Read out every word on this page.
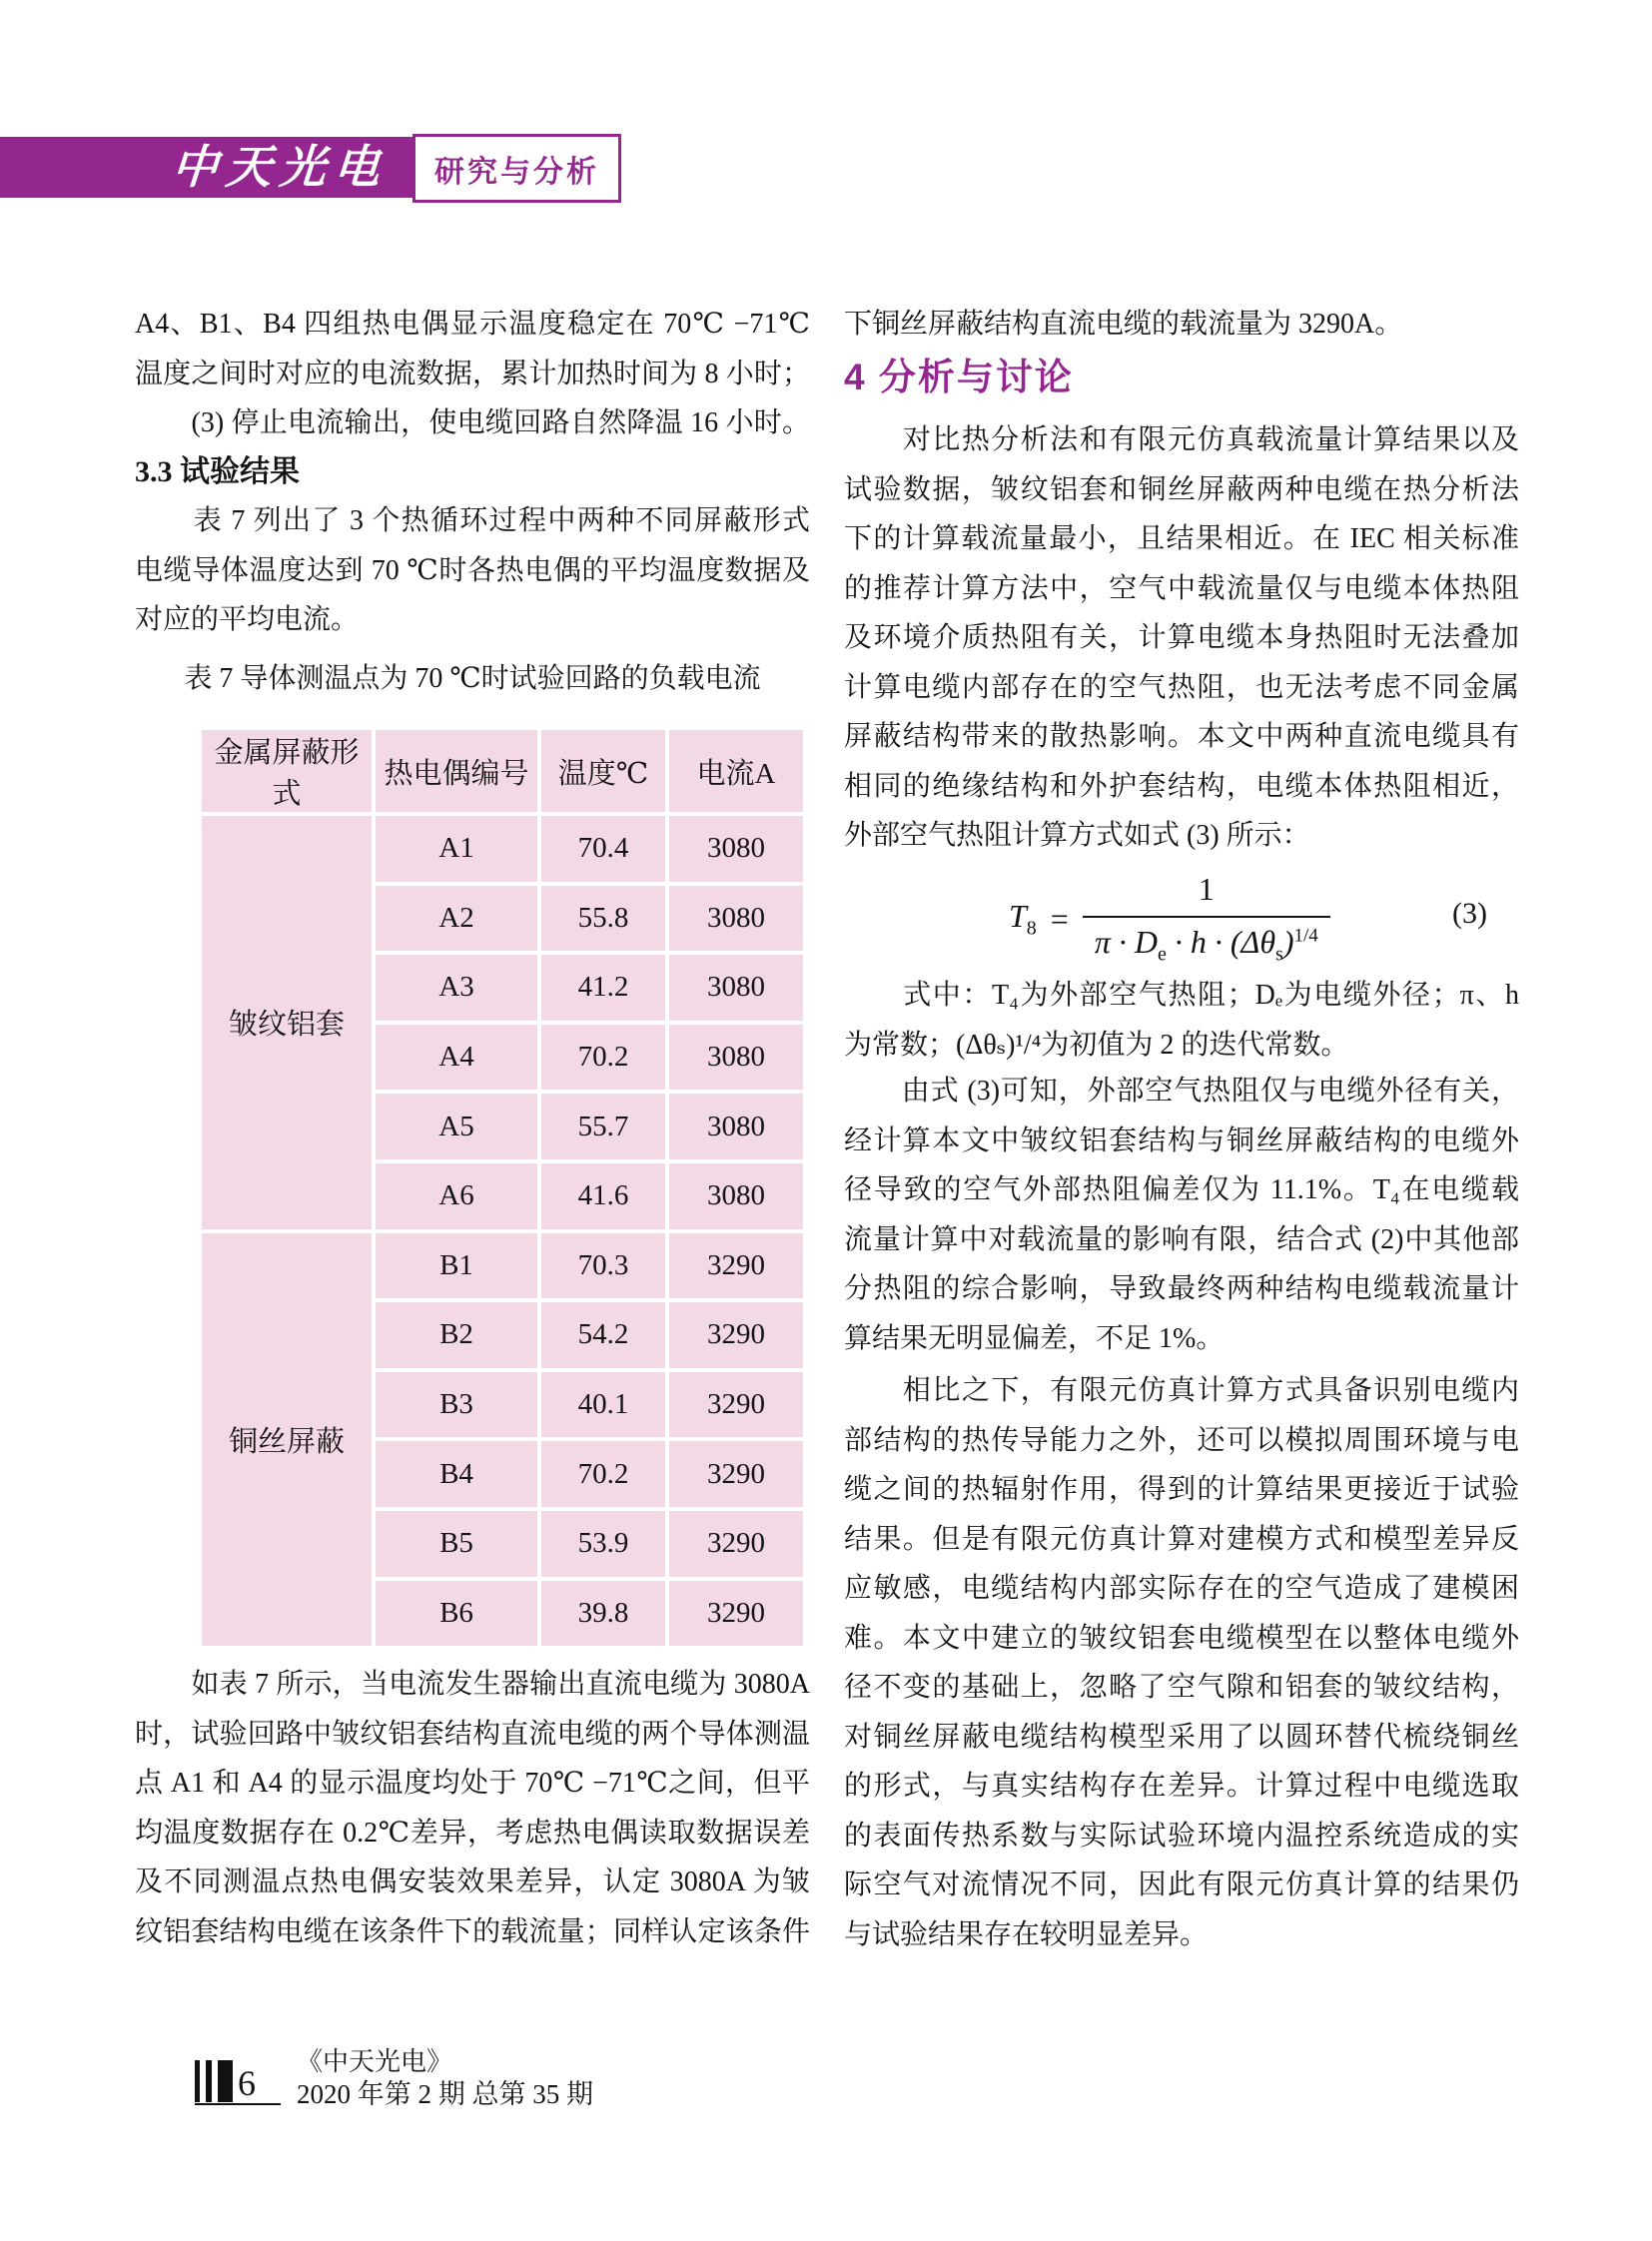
中天光电	研究与分析
A4、B1、B4 四组热电偶显示温度稳定在 70℃ −71℃
温度之间时对应的电流数据，累计加热时间为 8 小时；
　　(3) 停止电流输出，使电缆回路自然降温 16 小时。
3.3 试验结果
　　表 7 列出了 3 个热循环过程中两种不同屏蔽形式
电缆导体温度达到 70 ℃时各热电偶的平均温度数据及
对应的平均电流。
表 7 导体测温点为 70 ℃时试验回路的负载电流
金属屏蔽形式	热电偶编号	温度℃	电流A
皱纹铝套	A1	70.4	3080
	A2	55.8	3080
	A3	41.2	3080
	A4	70.2	3080
	A5	55.7	3080
	A6	41.6	3080
铜丝屏蔽	B1	70.3	3290
	B2	54.2	3290
	B3	40.1	3290
	B4	70.2	3290
	B5	53.9	3290
	B6	39.8	3290
　　如表 7 所示，当电流发生器输出直流电缆为 3080A
时，试验回路中皱纹铝套结构直流电缆的两个导体测温
点 A1 和 A4 的显示温度均处于 70℃ −71℃之间，但平
均温度数据存在 0.2℃差异，考虑热电偶读取数据误差
及不同测温点热电偶安装效果差异，认定 3080A 为皱
纹铝套结构电缆在该条件下的载流量；同样认定该条件
下铜丝屏蔽结构直流电缆的载流量为 3290A。
4 分析与讨论
　　对比热分析法和有限元仿真载流量计算结果以及
试验数据，皱纹铝套和铜丝屏蔽两种电缆在热分析法
下的计算载流量最小，且结果相近。在 IEC 相关标准
的推荐计算方法中，空气中载流量仅与电缆本体热阻
及环境介质热阻有关，计算电缆本身热阻时无法叠加
计算电缆内部存在的空气热阻，也无法考虑不同金属
屏蔽结构带来的散热影响。本文中两种直流电缆具有
相同的绝缘结构和外护套结构，电缆本体热阻相近，
外部空气热阻计算方式如式 (3) 所示：
$T_8 = \frac{1}{\pi \cdot D_e \cdot h \cdot (\Delta\theta_s)^{1/4}}$	(3)
　　式中：T₄为外部空气热阻；Dₑ为电缆外径；π、h
为常数；(Δθₛ)¹/⁴为初值为 2 的迭代常数。
　　由式 (3)可知，外部空气热阻仅与电缆外径有关，
经计算本文中皱纹铝套结构与铜丝屏蔽结构的电缆外
径导致的空气外部热阻偏差仅为 11.1%。T₄在电缆载
流量计算中对载流量的影响有限，结合式 (2)中其他部
分热阻的综合影响，导致最终两种结构电缆载流量计
算结果无明显偏差，不足 1%。
　　相比之下，有限元仿真计算方式具备识别电缆内
部结构的热传导能力之外，还可以模拟周围环境与电
缆之间的热辐射作用，得到的计算结果更接近于试验
结果。但是有限元仿真计算对建模方式和模型差异反
应敏感，电缆结构内部实际存在的空气造成了建模困
难。本文中建立的皱纹铝套电缆模型在以整体电缆外
径不变的基础上，忽略了空气隙和铝套的皱纹结构，
对铜丝屏蔽电缆结构模型采用了以圆环替代梳绕铜丝
的形式，与真实结构存在差异。计算过程中电缆选取
的表面传热系数与实际试验环境内温控系统造成的实
际空气对流情况不同，因此有限元仿真计算的结果仍
与试验结果存在较明显差异。
6
《中天光电》
2020 年第 2 期 总第 35 期
